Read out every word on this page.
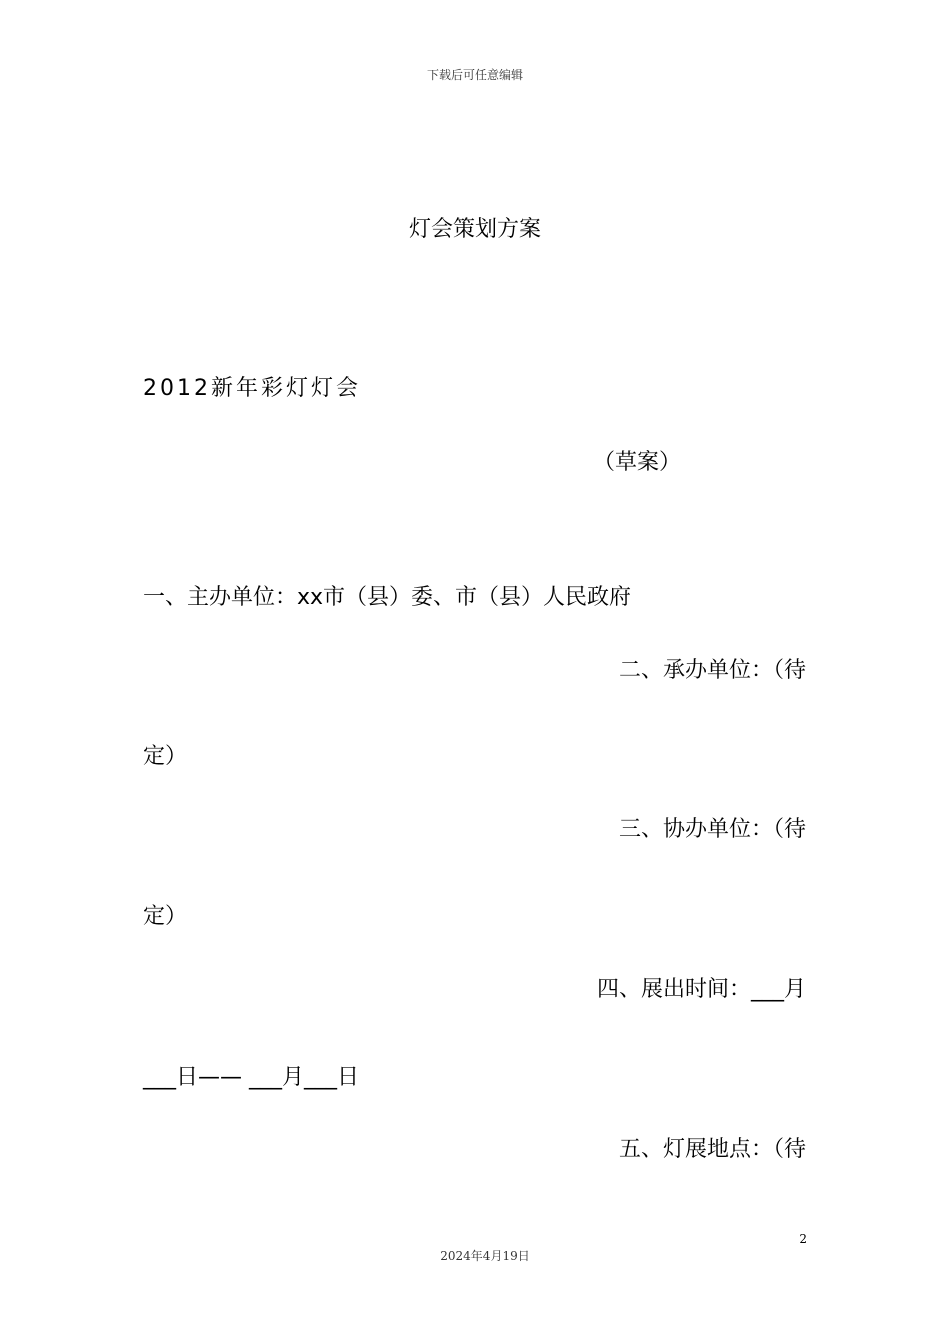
下载后可任意编辑
灯会策划方案
2012新年彩灯灯会
（草案）
一、主办单位：xx市（县）委、市（县）人民政府
二、承办单位：（待
定）
三、协办单位：（待
定）
四、展出时间：___月
___日—— ___月___日
五、灯展地点：（待
2
2024年4月19日
